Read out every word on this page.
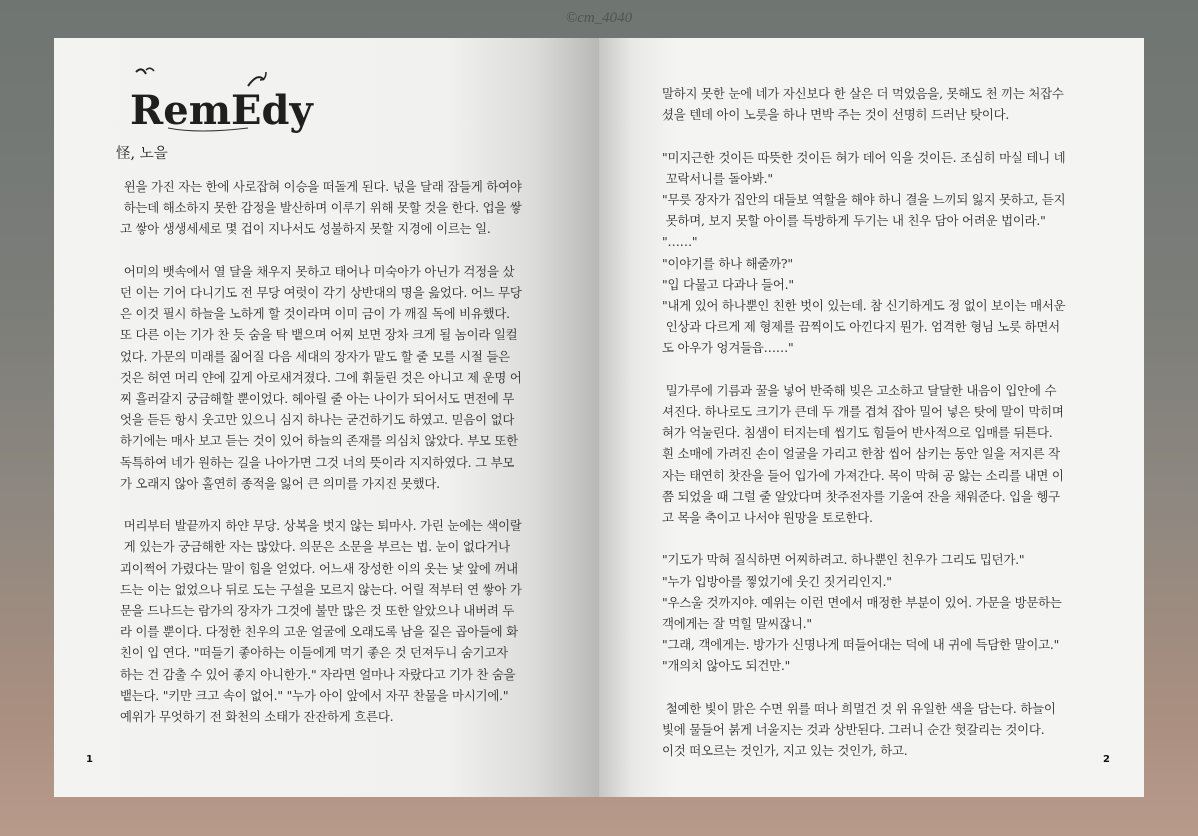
©cm_4040
RemEdy
怪, 노을

윈을 가진 자는 한에 사로잡혀 이승을 떠돌게 된다. 넋을 달래 잠들게 하여야

하는데 해소하지 못한 감정을 발산하며 이루기 위해 못할 것을 한다. 업을 쌓

고 쌓아 생생세세로 몇 겁이 지나서도 성불하지 못할 지경에 이르는 일.

어미의 뱃속에서 열 달을 채우지 못하고 태어나 미숙아가 아닌가 걱정을 샀

던 이는 기어 다니기도 전 무당 여럿이 각기 상반대의 명을 읊었다. 어느 무당

은 이것 필시 하늘을 노하게 할 것이라며 이미 금이 가 깨질 독에 비유했다.

또 다른 이는 기가 찬 듯 숨을 탁 뱉으며 어찌 보면 장차 크게 될 놈이라 일컬

었다. 가문의 미래를 짊어질 다음 세대의 장자가 맡도 할 줄 모를 시절 들은

것은 허연 머리 얀에 깊게 아로새겨졌다. 그에 휘둘린 것은 아니고 제 운명 어

찌 흘러갈지 궁금해할 뿐이었다. 헤아릴 줄 아는 나이가 되어서도 면전에 무

엇을 듣든 항시 웃고만 있으니 심지 하나는 굳건하기도 하였고. 믿음이 없다

하기에는 매사 보고 듣는 것이 있어 하늘의 존재를 의심치 않았다. 부모 또한

독특하여 네가 원하는 길을 나아가면 그것 너의 뜻이라 지지하였다. 그 부모

가 오래지 않아 홀연히 종적을 잃어 큰 의미를 가지진 못했다.

머리부터 발끝까지 하얀 무당. 상복을 벗지 않는 퇴마사. 가린 눈에는 색이랄

게 있는가 궁금해한 자는 많았다. 의문은 소문을 부르는 법. 눈이 없다거나

괴이쩍어 가렸다는 말이 힘을 얻었다. 어느새 장성한 이의 옷는 낯 앞에 꺼내

드는 이는 없었으나 뒤로 도는 구설을 모르지 않는다. 어릴 적부터 연 쌓아 가

문을 드나드는 람가의 장자가 그것에 불만 많은 것 또한 알았으나 내버려 두

라 이를 뿐이다. 다정한 친우의 고운 얼굴에 오래도록 남을 짙은 곱아들에 화

친이 입 연다. "떠들기 좋아하는 이들에게 먹기 좋은 것 던져두니 숨기고자

하는 건 감출 수 있어 좋지 아니한가." 자라면 얼마나 자랐다고 기가 찬 숨을

뱉는다. "키만 크고 속이 없어." "누가 아이 앞에서 자꾸 찬물을 마시기에."

예위가 무엇하기 전 화천의 소태가 잔잔하게 흐른다.

1

말하지 못한 눈에 네가 자신보다 한 살은 더 먹었음을, 못해도 천 끼는 처잡수

셨을 텐데 아이 노릇을 하나 면박 주는 것이 선명히 드러난 탓이다.

"미지근한 것이든 따뜻한 것이든 혀가 데어 익을 것이든. 조심히 마실 테니 네

꼬락서니를 돌아봐."

"무릇 장자가 집안의 대들보 역할을 해야 하니 결을 느끼되 잃지 못하고, 듣지

못하며, 보지 못할 아이를 득방하게 두기는 내 친우 담아 어려운 법이라."

"……"

"이야기를 하나 해줄까?"

"입 다물고 다과나 들어."

"내게 있어 하나뿐인 친한 벗이 있는데. 참 신기하게도 정 없이 보이는 매서운

인상과 다르게 제 형제를 끔찍이도 아낀다지 뭔가. 엄격한 형님 노릇 하면서

도 아우가 엉겨들읍……"

밀가루에 기름과 꿀을 넣어 반죽해 빚은 고소하고 달달한 내음이 입안에 수

셔진다. 하나로도 크기가 큰데 두 개를 겹쳐 잡아 밀어 넣은 탓에 말이 막히며

혀가 억눌린다. 침샘이 터지는데 씹기도 힘들어 반사적으로 입매를 뒤튼다.

흰 소매에 가려진 손이 얼굴을 가리고 한참 씹어 삼키는 동안 일을 저지른 작

자는 태연히 찻잔을 들어 입가에 가져간다. 목이 막혀 공 앓는 소리를 내면 이

쯤 되었을 때 그럴 줄 알았다며 찻주전자를 기울여 잔을 채워준다. 입을 헹구

고 목을 축이고 나서야 원망을 토로한다.

"기도가 막혀 질식하면 어찌하려고. 하나뿐인 친우가 그리도 밉던가."

"누가 입방아를 찧었기에 웃긴 짓거리인지."

"우스울 것까지야. 예위는 이런 면에서 매정한 부분이 있어. 가문을 방문하는

객에게는 잘 먹힐 말씨잖니."

"그래, 객에게는. 방가가 신명나게 떠들어대는 덕에 내 귀에 득담한 말이고."

"개의치 않아도 되건만."

철예한 빛이 맑은 수면 위를 떠나 희멀건 것 위 유일한 색을 담는다. 하늘이

빛에 물들어 붉게 너울지는 것과 상반된다. 그러니 순간 헛갈리는 것이다.

이것 떠오르는 것인가, 지고 있는 것인가, 하고.

2
